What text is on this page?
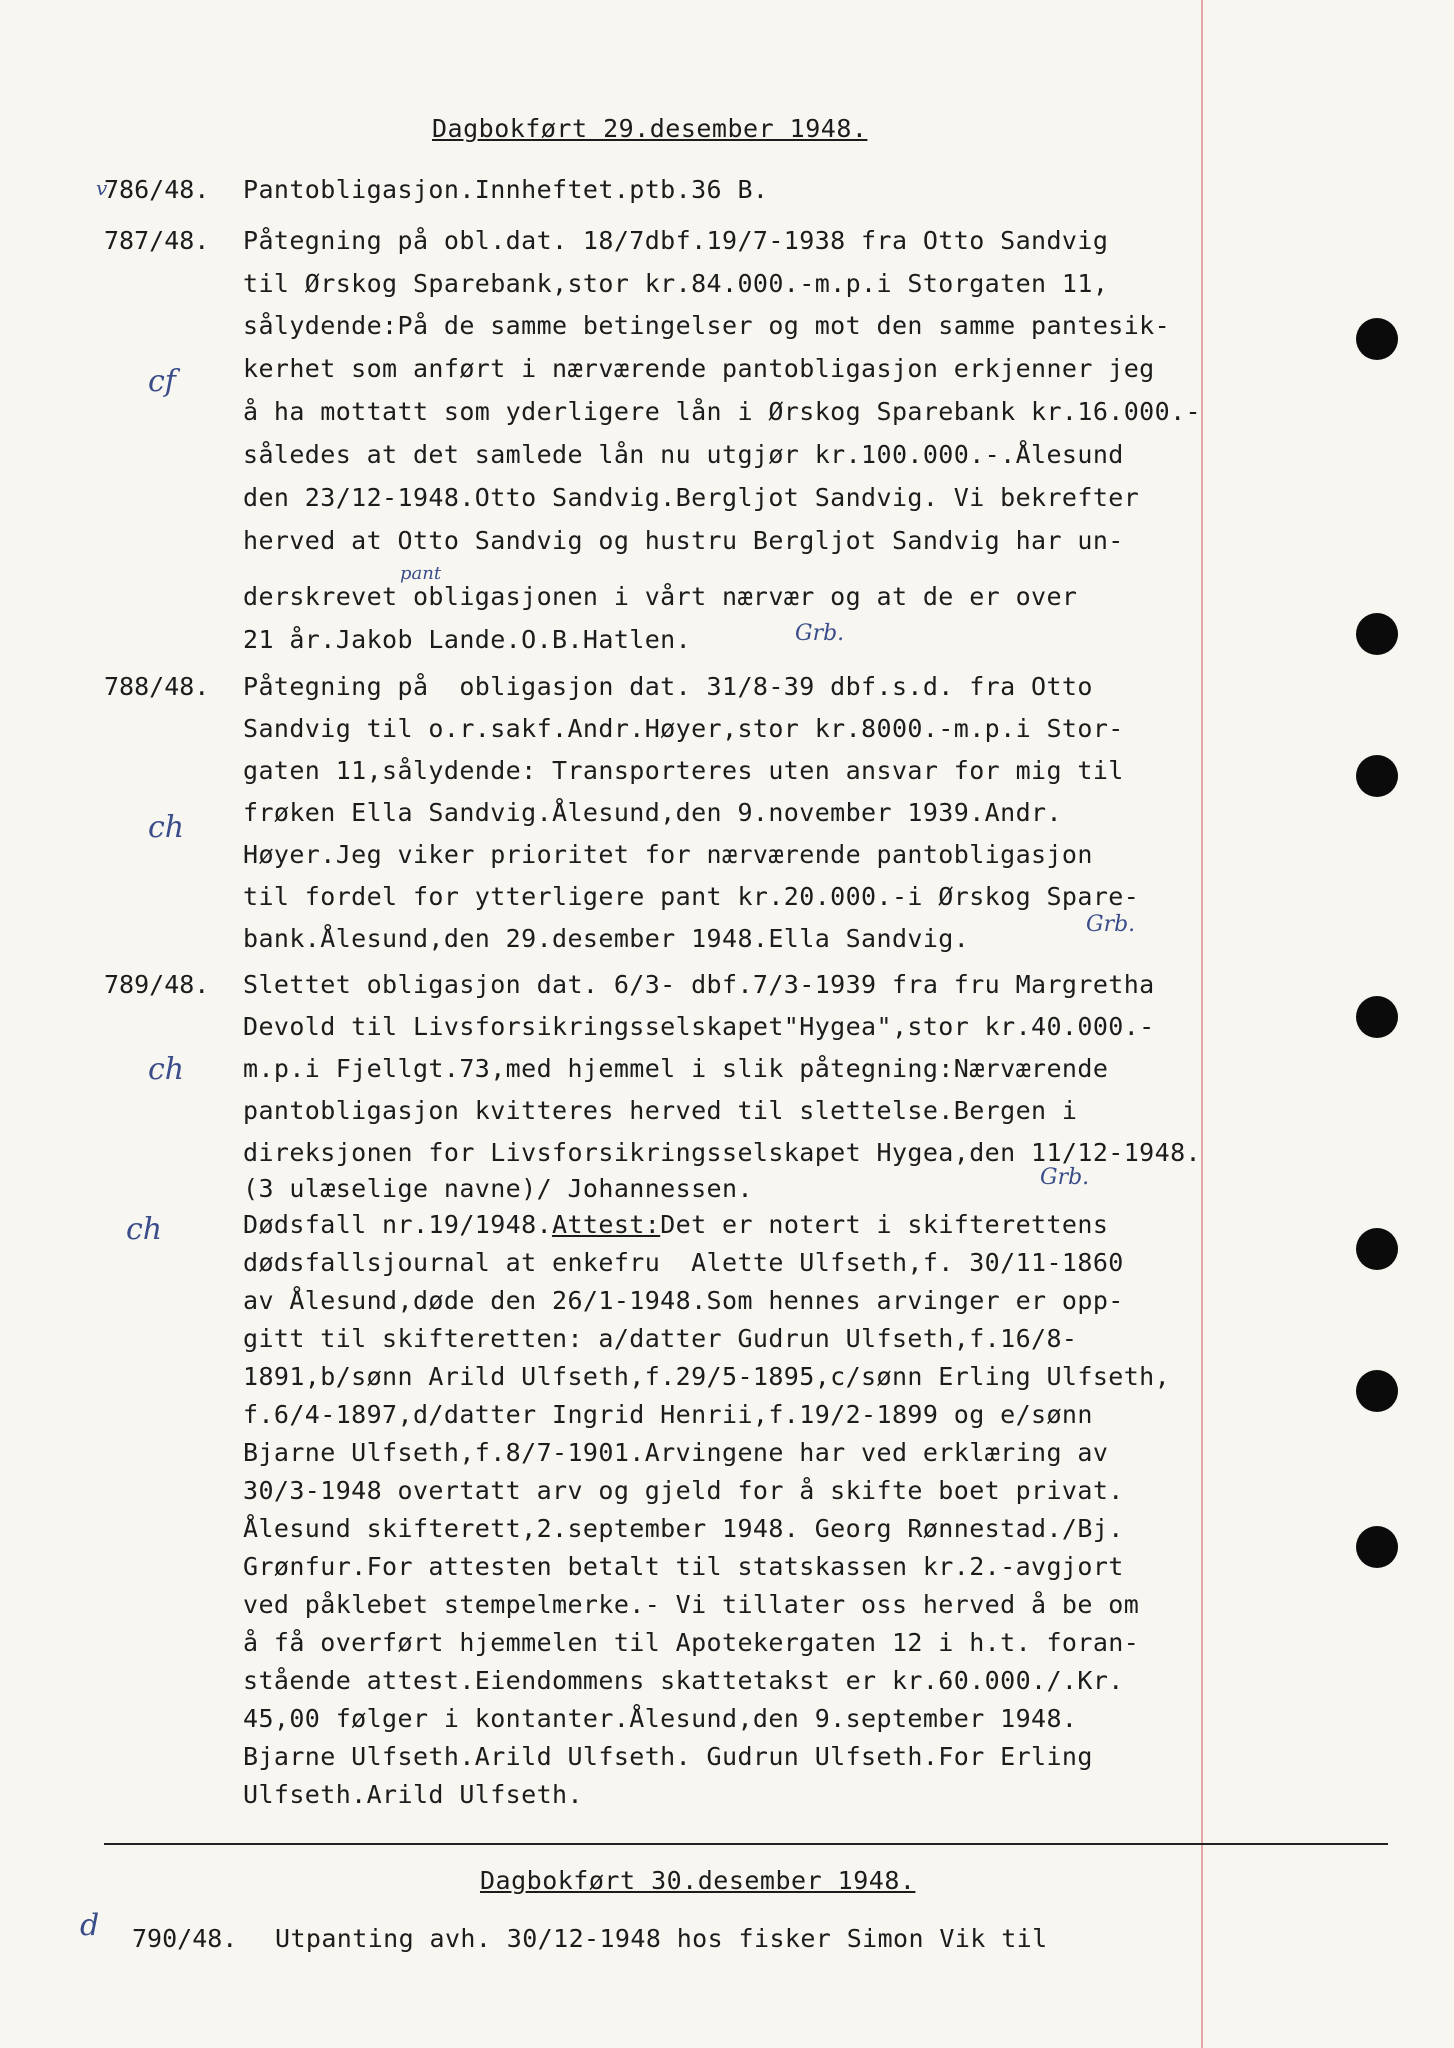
Dagbokført 29.desember 1948.
v
786/48. Pantobligasjon.Innheftet.ptb.36 B.
787/48. Påtegning på obl.dat. 18/7dbf.19/7-1938 fra Otto Sandvig
til Ørskog Sparebank,stor kr.84.000.-m.p.i Storgaten 11,
sålydende:På de samme betingelser og mot den samme pantesik-
kerhet som anført i nærværende pantobligasjon erkjenner jeg
å ha mottatt som yderligere lån i Ørskog Sparebank kr.16.000.-
således at det samlede lån nu utgjør kr.100.000.-.Ålesund
den 23/12-1948.Otto Sandvig.Bergljot Sandvig. Vi bekrefter
herved at Otto Sandvig og hustru Bergljot Sandvig har un-
pant
derskrevet obligasjonen i vårt nærvær og at de er over
21 år.Jakob Lande.O.B.Hatlen.	Grb.
cf
788/48. Påtegning på  obligasjon dat. 31/8-39 dbf.s.d. fra Otto
Sandvig til o.r.sakf.Andr.Høyer,stor kr.8000.-m.p.i Stor-
gaten 11,sålydende: Transporteres uten ansvar for mig til
frøken Ella Sandvig.Ålesund,den 9.november 1939.Andr.
Høyer.Jeg viker prioritet for nærværende pantobligasjon
til fordel for ytterligere pant kr.20.000.-i Ørskog Spare-
bank.Ålesund,den 29.desember 1948.Ella Sandvig.	Grb.
ch
789/48. Slettet obligasjon dat. 6/3- dbf.7/3-1939 fra fru Margretha
Devold til Livsforsikringsselskapet"Hygea",stor kr.40.000.-
m.p.i Fjellgt.73,med hjemmel i slik påtegning:Nærværende
pantobligasjon kvitteres herved til slettelse.Bergen i
direksjonen for Livsforsikringsselskapet Hygea,den 11/12-1948.
(3 ulæselige navne)/ Johannessen.	Grb.
ch
Dødsfall nr.19/1948.Attest:Det er notert i skifterettens
dødsfallsjournal at enkefru  Alette Ulfseth,f. 30/11-1860
av Ålesund,døde den 26/1-1948.Som hennes arvinger er opp-
gitt til skifteretten: a/datter Gudrun Ulfseth,f.16/8-
1891,b/sønn Arild Ulfseth,f.29/5-1895,c/sønn Erling Ulfseth,
f.6/4-1897,d/datter Ingrid Henrii,f.19/2-1899 og e/sønn
Bjarne Ulfseth,f.8/7-1901.Arvingene har ved erklæring av
30/3-1948 overtatt arv og gjeld for å skifte boet privat.
Ålesund skifterett,2.september 1948. Georg Rønnestad./Bj.
Grønfur.For attesten betalt til statskassen kr.2.-avgjort
ved påklebet stempelmerke.- Vi tillater oss herved å be om
å få overført hjemmelen til Apotekergaten 12 i h.t. foran-
stående attest.Eiendommens skattetakst er kr.60.000./.Kr.
45,00 følger i kontanter.Ålesund,den 9.september 1948.
Bjarne Ulfseth.Arild Ulfseth. Gudrun Ulfseth.For Erling
Ulfseth.Arild Ulfseth.
ch
Dagbokført 30.desember 1948.
d 790/48. Utpanting avh. 30/12-1948 hos fisker Simon Vik til
